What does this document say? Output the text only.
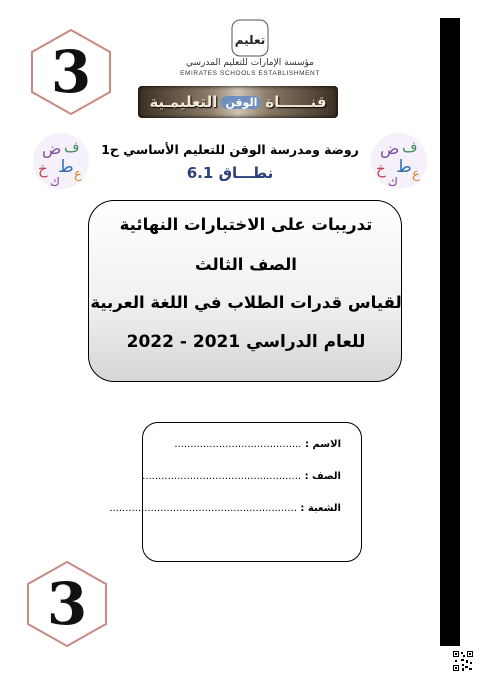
3	تعليم
مؤسسة الإمارات للتعليم المدرسي
EMIRATES SCHOOLS ESTABLISHMENT
قنــــــاة
الوقن
التعليمـية
ض ف
خ ط ع
ك
ض ف
خ ط ع
ك
روضة ومدرسة الوقن للتعليم الأساسي ح1
نطـــاق 6.1
تدريبات على الاختبارات النهائية
الصف الثالث
لقياس قدرات الطلاب في اللغة العربية
للعام الدراسي 2021 - 2022
الاسم : ........................................
الصف : ..................................................
الشعبة : ...........................................................
3
